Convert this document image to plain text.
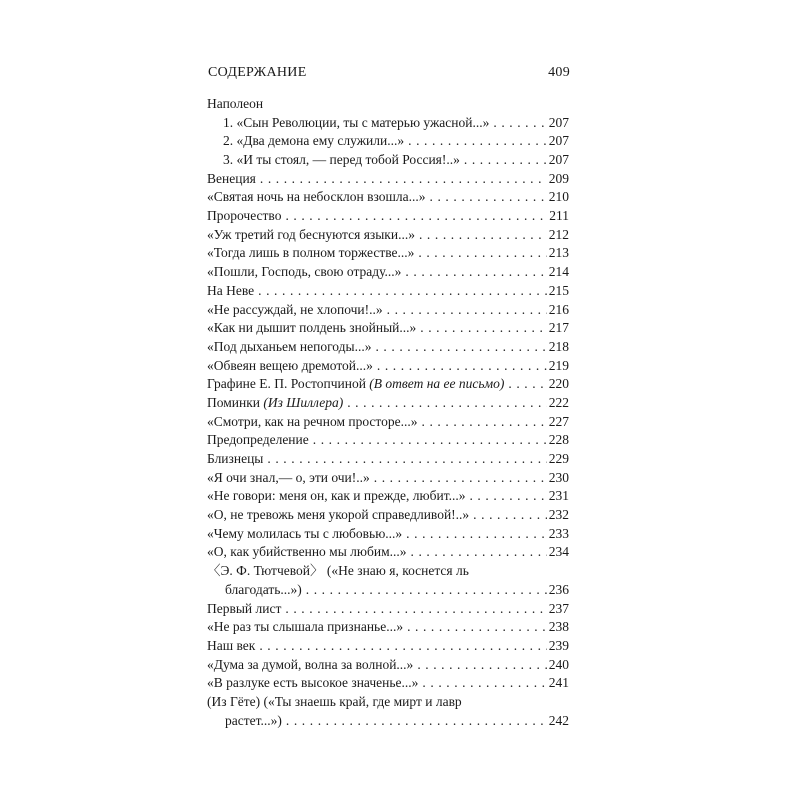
СОДЕРЖАНИЕ	409
Наполеон
1. «Сын Революции, ты с матерью ужасной...» . . .	207
2. «Два демона ему служили...» . . .	207
3. «И ты стоял, — перед тобой Россия!..» . . .	207
Венеция . . .	209
«Святая ночь на небосклон взошла...» . . .	210
Пророчество . . .	211
«Уж третий год беснуются языки...» . . .	212
«Тогда лишь в полном торжестве...» . . .	213
«Пошли, Господь, свою отраду...» . . .	214
На Неве . . .	215
«Не рассуждай, не хлопочи!..» . . .	216
«Как ни дышит полдень знойный...» . . .	217
«Под дыханьем непогоды...» . . .	218
«Обвеян вещею дремотой...» . . .	219
Графине Е. П. Ростопчиной (В ответ на ее письмо) . . .	220
Поминки (Из Шиллера) . . .	222
«Смотри, как на речном просторе...» . . .	227
Предопределение . . .	228
Близнецы . . .	229
«Я очи знал,— о, эти очи!..» . . .	230
«Не говори: меня он, как и прежде, любит...» . . .	231
«О, не тревожь меня укорой справедливой!..» . . .	232
«Чему молилась ты с любовью...» . . .	233
«О, как убийственно мы любим...» . . .	234
〈Э. Ф. Тютчевой〉 («Не знаю я, коснется ль
благодать...») . . .	236
Первый лист . . .	237
«Не раз ты слышала признанье...» . . .	238
Наш век . . .	239
«Дума за думой, волна за волной...» . . .	240
«В разлуке есть высокое значенье...» . . .	241
(Из Гёте) («Ты знаешь край, где мирт и лавр
растет...») . . .	242
